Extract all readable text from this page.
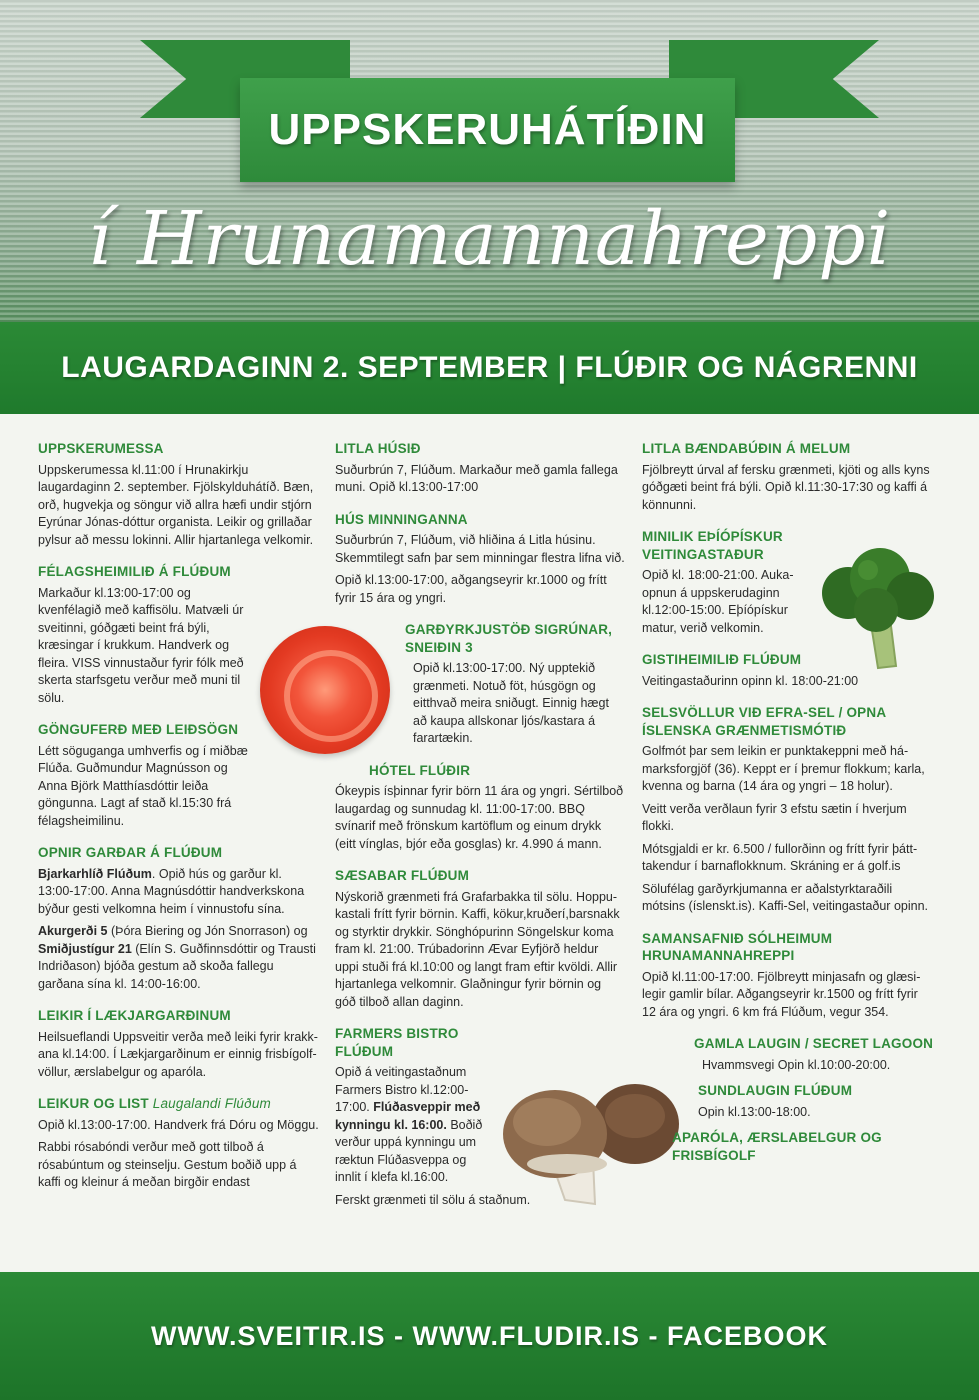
UPPSKERUHÁTÍÐIN
í Hrunamannahreppi
LAUGARDAGINN 2. SEPTEMBER | FLÚÐIR OG NÁGRENNI
UPPSKERUMESSA

Uppskerumessa kl.11:00 í Hrunakirkju laugardaginn 2. september. Fjölskylduhátíð. Bæn, orð, hugvekja og söngur við allra hæfi undir stjórn Eyrúnar Jónas-dóttur organista. Leikir og grillaðar pylsur að messu lokinni. Allir hjartanlega velkomir.

FÉLAGSHEIMILIÐ Á FLÚÐUM

Markaður kl.13:00-17:00 og kvenfélagið með kaffisölu. Matvæli úr sveitinni, góðgæti beint frá býli, kræsingar í krukkum. Handverk og fleira. VISS vinnustaður fyrir fólk með skerta starfsgetu verður með muni til sölu.

GÖNGUFERÐ MEÐ LEIÐSÖGN

Létt söguganga umhverfis og í miðbæ Flúða. Guðmundur Magnússon og Anna Björk Matthíasdóttir leiða göngunna. Lagt af stað kl.15:30 frá félagsheimilinu.

OPNIR GARÐAR Á FLÚÐUM

Bjarkarhlíð Flúðum. Opið hús og garður kl. 13:00-17:00. Anna Magnúsdóttir handverkskona býður gesti velkomna heim í vinnustofu sína.

Akurgerði 5 (Þóra Biering og Jón Snorrason) og Smiðjustígur 21 (Elín S. Guðfinnsdóttir og Trausti Indriðason) bjóða gestum að skoða fallegu garðana sína kl. 14:00-16:00.

LEIKIR Í LÆKJARGARÐINUM

Heilsueflandi Uppsveitir verða með leiki fyrir krakk-ana kl.14:00. Í Lækjargarðinum er einnig frisbígolf-völlur, ærslabelgur og aparóla.

LEIKUR OG LIST Laugalandi Flúðum

Opið kl.13:00-17:00. Handverk frá Dóru og Möggu.

Rabbi rósabóndi verður með gott tilboð á rósabúntum og steinselju. Gestum boðið upp á kaffi og kleinur á meðan birgðir endast

LITLA HÚSIÐ

Suðurbrún 7, Flúðum. Markaður með gamla fallega muni. Opið kl.13:00-17:00

HÚS MINNINGANNA

Suðurbrún 7, Flúðum, við hliðina á Litla húsinu. Skemmtilegt safn þar sem minningar flestra lifna við.

Opið kl.13:00-17:00, aðgangseyrir kr.1000 og frítt fyrir 15 ára og yngri.

GARÐYRKJUSTÖÐ SIGRÚNAR, SNEIÐIN 3

Opið kl.13:00-17:00. Ný upptekið grænmeti. Notuð föt, húsgögn og eitthvað meira sniðugt. Einnig hægt að kaupa allskonar ljós/kastara á farartækin.

HÓTEL FLÚÐIR

Ókeypis ísþinnar fyrir börn 11 ára og yngri. Sértilboð laugardag og sunnudag kl. 11:00-17:00. BBQ svínarif með frönskum kartöflum og einum drykk (eitt vínglas, bjór eða gosglas) kr. 4.990 á mann.

SÆSABAR FLÚÐUM

Nýskorið grænmeti frá Grafarbakka til sölu. Hoppu-kastali frítt fyrir börnin. Kaffi, kökur,kruðerí,barsnakk og styrktir drykkir. Sönghópurinn Söngelskur koma fram kl. 21:00. Trúbadorinn Ævar Eyfjörð heldur uppi stuði frá kl.10:00 og langt fram eftir kvöldi. Allir hjartanlega velkomnir. Glaðningur fyrir börnin og góð tilboð allan daginn.

FARMERS BISTRO FLÚÐUM

Opið á veitingastaðnum Farmers Bistro kl.12:00-17:00. Flúðasveppir með kynningu kl. 16:00. Boðið verður uppá kynningu um ræktun Flúðasveppa og innlit í klefa kl.16:00.

Ferskt grænmeti til sölu á staðnum.

LITLA BÆNDABÚÐIN Á MELUM

Fjölbreytt úrval af fersku grænmeti, kjöti og alls kyns góðgæti beint frá býli. Opið kl.11:30-17:30 og kaffi á könnunni.

MINILIK EÞÍÓPÍSKUR VEITINGASTAÐUR

Opið kl. 18:00-21:00. Auka-opnun á uppskerudaginn kl.12:00-15:00. Eþíópískur matur, verið velkomin.

GISTIHEIMILIÐ FLÚÐUM

Veitingastaðurinn opinn kl. 18:00-21:00

SELSVÖLLUR VIÐ EFRA-SEL / OPNA ÍSLENSKA GRÆNMETISMÓTIÐ

Golfmót þar sem leikin er punktakeppni með há-marksforgjöf (36). Keppt er í þremur flokkum; karla, kvenna og barna (14 ára og yngri – 18 holur).

Veitt verða verðlaun fyrir 3 efstu sætin í hverjum flokki.

Mótsgjaldi er kr. 6.500 / fullorðinn og frítt fyrir þátt-takendur í barnaflokknum. Skráning er á golf.is

Sölufélag garðyrkjumanna er aðalstyrktaraðili mótsins (íslenskt.is). Kaffi-Sel, veitingastaður opinn.

SAMANSAFNIÐ SÓLHEIMUM HRUNAMANNAHREPPI

Opið kl.11:00-17:00. Fjölbreytt minjasafn og glæsi-legir gamlir bílar. Aðgangseyrir kr.1500 og frítt fyrir 12 ára og yngri. 6 km frá Flúðum, vegur 354.

GAMLA LAUGIN / SECRET LAGOON

Hvammsvegi Opin kl.10:00-20:00.

SUNDLAUGIN FLÚÐUM

Opin kl.13:00-18:00.

APARÓLA, ÆRSLABELGUR OG FRISBÍGOLF
WWW.SVEITIR.IS - WWW.FLUDIR.IS - FACEBOOK
